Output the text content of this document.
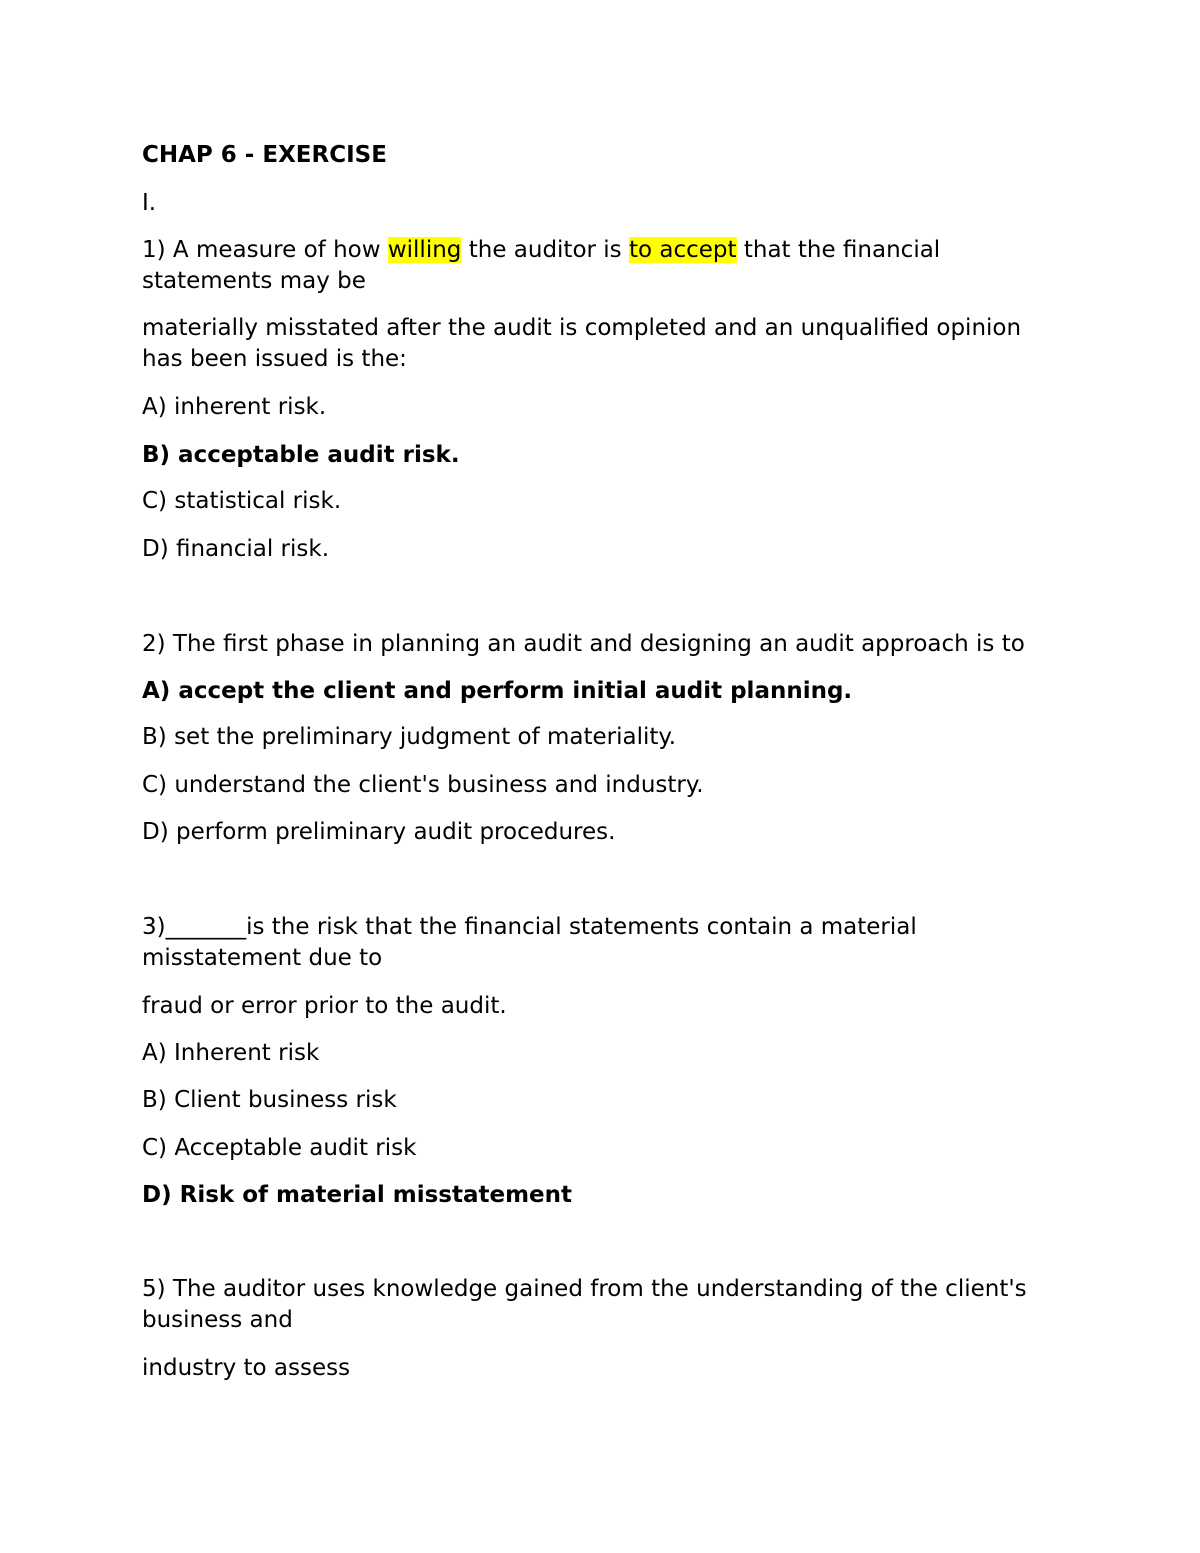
CHAP 6 - EXERCISE
I.
1) A measure of how willing the auditor is to accept that the financial
statements may be
materially misstated after the audit is completed and an unqualified opinion
has been issued is the:
A) inherent risk.
B) acceptable audit risk.
C) statistical risk.
D) financial risk.
2) The first phase in planning an audit and designing an audit approach is to
A) accept the client and perform initial audit planning.
B) set the preliminary judgment of materiality.
C) understand the client's business and industry.
D) perform preliminary audit procedures.
3)_______is the risk that the financial statements contain a material
misstatement due to
fraud or error prior to the audit.
A) Inherent risk
B) Client business risk
C) Acceptable audit risk
D) Risk of material misstatement
5) The auditor uses knowledge gained from the understanding of the client's
business and
industry to assess
